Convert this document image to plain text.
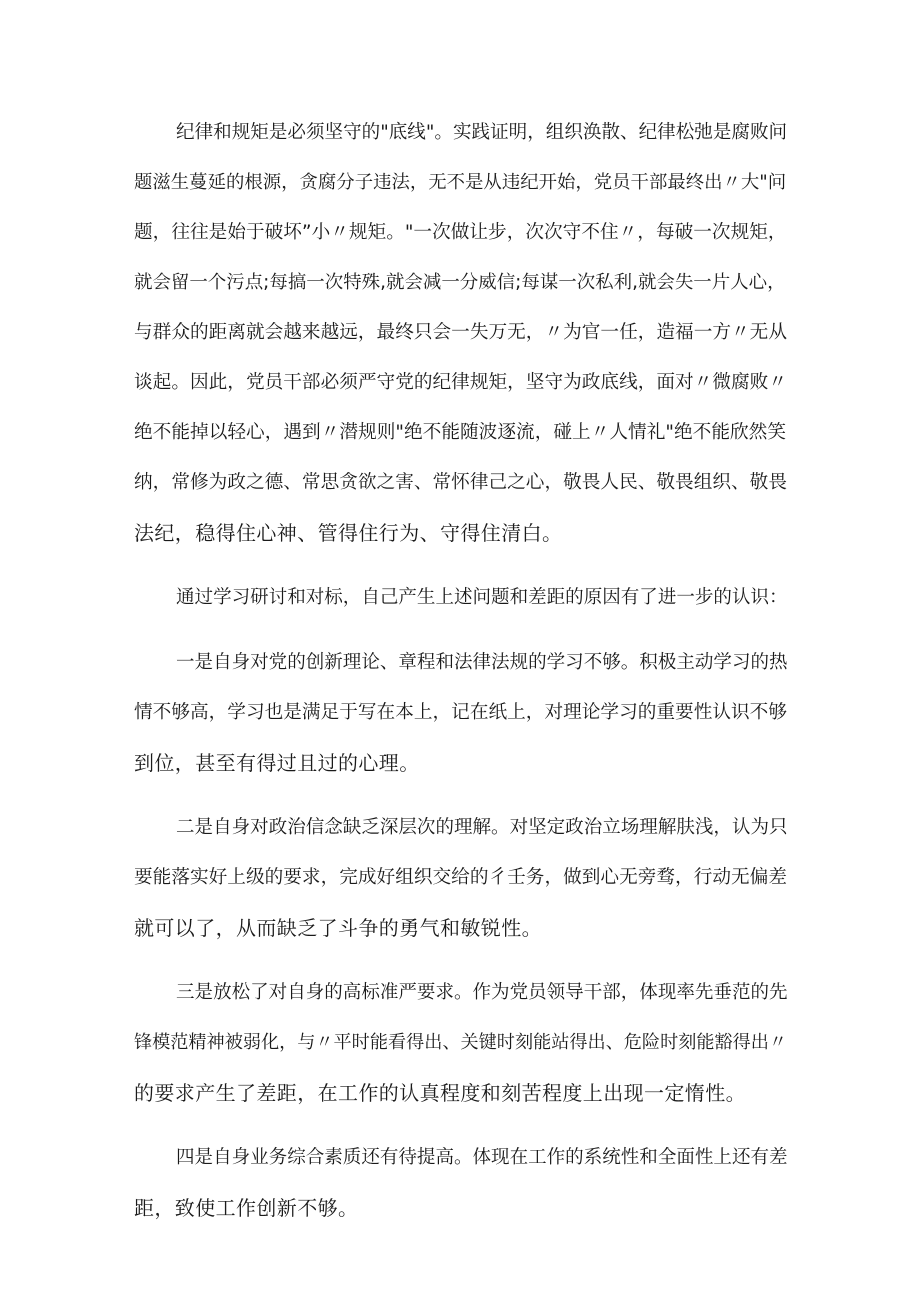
纪律和规矩是必须坚守的"底线"。实践证明，组织涣散、纪律松弛是腐败问
题滋生蔓延的根源，贪腐分子违法，无不是从违纪开始，党员干部最终出〃大"问
题，往往是始于破坏”小〃规矩。"一次做让步，次次守不住〃，每破一次规矩，
就会留一个污点;每搞一次特殊,就会减一分威信;每谋一次私利,就会失一片人心，
与群众的距离就会越来越远，最终只会一失万无，〃为官一任，造福一方〃无从
谈起。因此，党员干部必须严守党的纪律规矩，坚守为政底线，面对〃微腐败〃
绝不能掉以轻心，遇到〃潜规则"绝不能随波逐流，碰上〃人情礼"绝不能欣然笑
纳，常修为政之德、常思贪欲之害、常怀律己之心，敬畏人民、敬畏组织、敬畏
法纪，稳得住心神、管得住行为、守得住清白。
通过学习研讨和对标，自己产生上述问题和差距的原因有了进一步的认识：
一是自身对党的创新理论、章程和法律法规的学习不够。积极主动学习的热
情不够高，学习也是满足于写在本上，记在纸上，对理论学习的重要性认识不够
到位，甚至有得过且过的心理。
二是自身对政治信念缺乏深层次的理解。对坚定政治立场理解肤浅，认为只
要能落实好上级的要求，完成好组织交给的彳壬务，做到心无旁骛，行动无偏差
就可以了，从而缺乏了斗争的勇气和敏锐性。
三是放松了对自身的高标准严要求。作为党员领导干部，体现率先垂范的先
锋模范精神被弱化，与〃平时能看得出、关键时刻能站得出、危险时刻能豁得出〃
的要求产生了差距，在工作的认真程度和刻苦程度上出现一定惰性。
四是自身业务综合素质还有待提高。体现在工作的系统性和全面性上还有差
距，致使工作创新不够。
